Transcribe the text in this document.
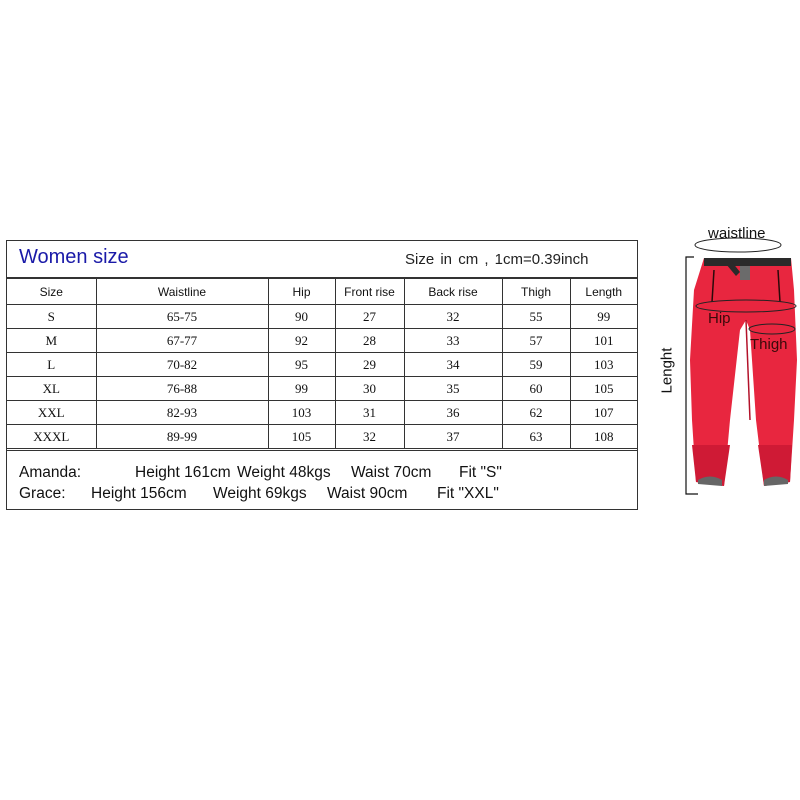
Women size	Size in cm , 1cm=0.39inch
Size	Waistline	Hip	Front rise	Back rise	Thigh	Length
S	65-75	90	27	32	55	99
M	67-77	92	28	33	57	101
L	70-82	95	29	34	59	103
XL	76-88	99	30	35	60	105
XXL	82-93	103	31	36	62	107
XXXL	89-99	105	32	37	63	108
Amanda:	Height 161cm Weight 48kgs Waist 70cm Fit "S"
Grace: Height 156cm Weight 69kgs Waist 90cm Fit "XXL"
waistline
Hip
Thigh
Lenght
